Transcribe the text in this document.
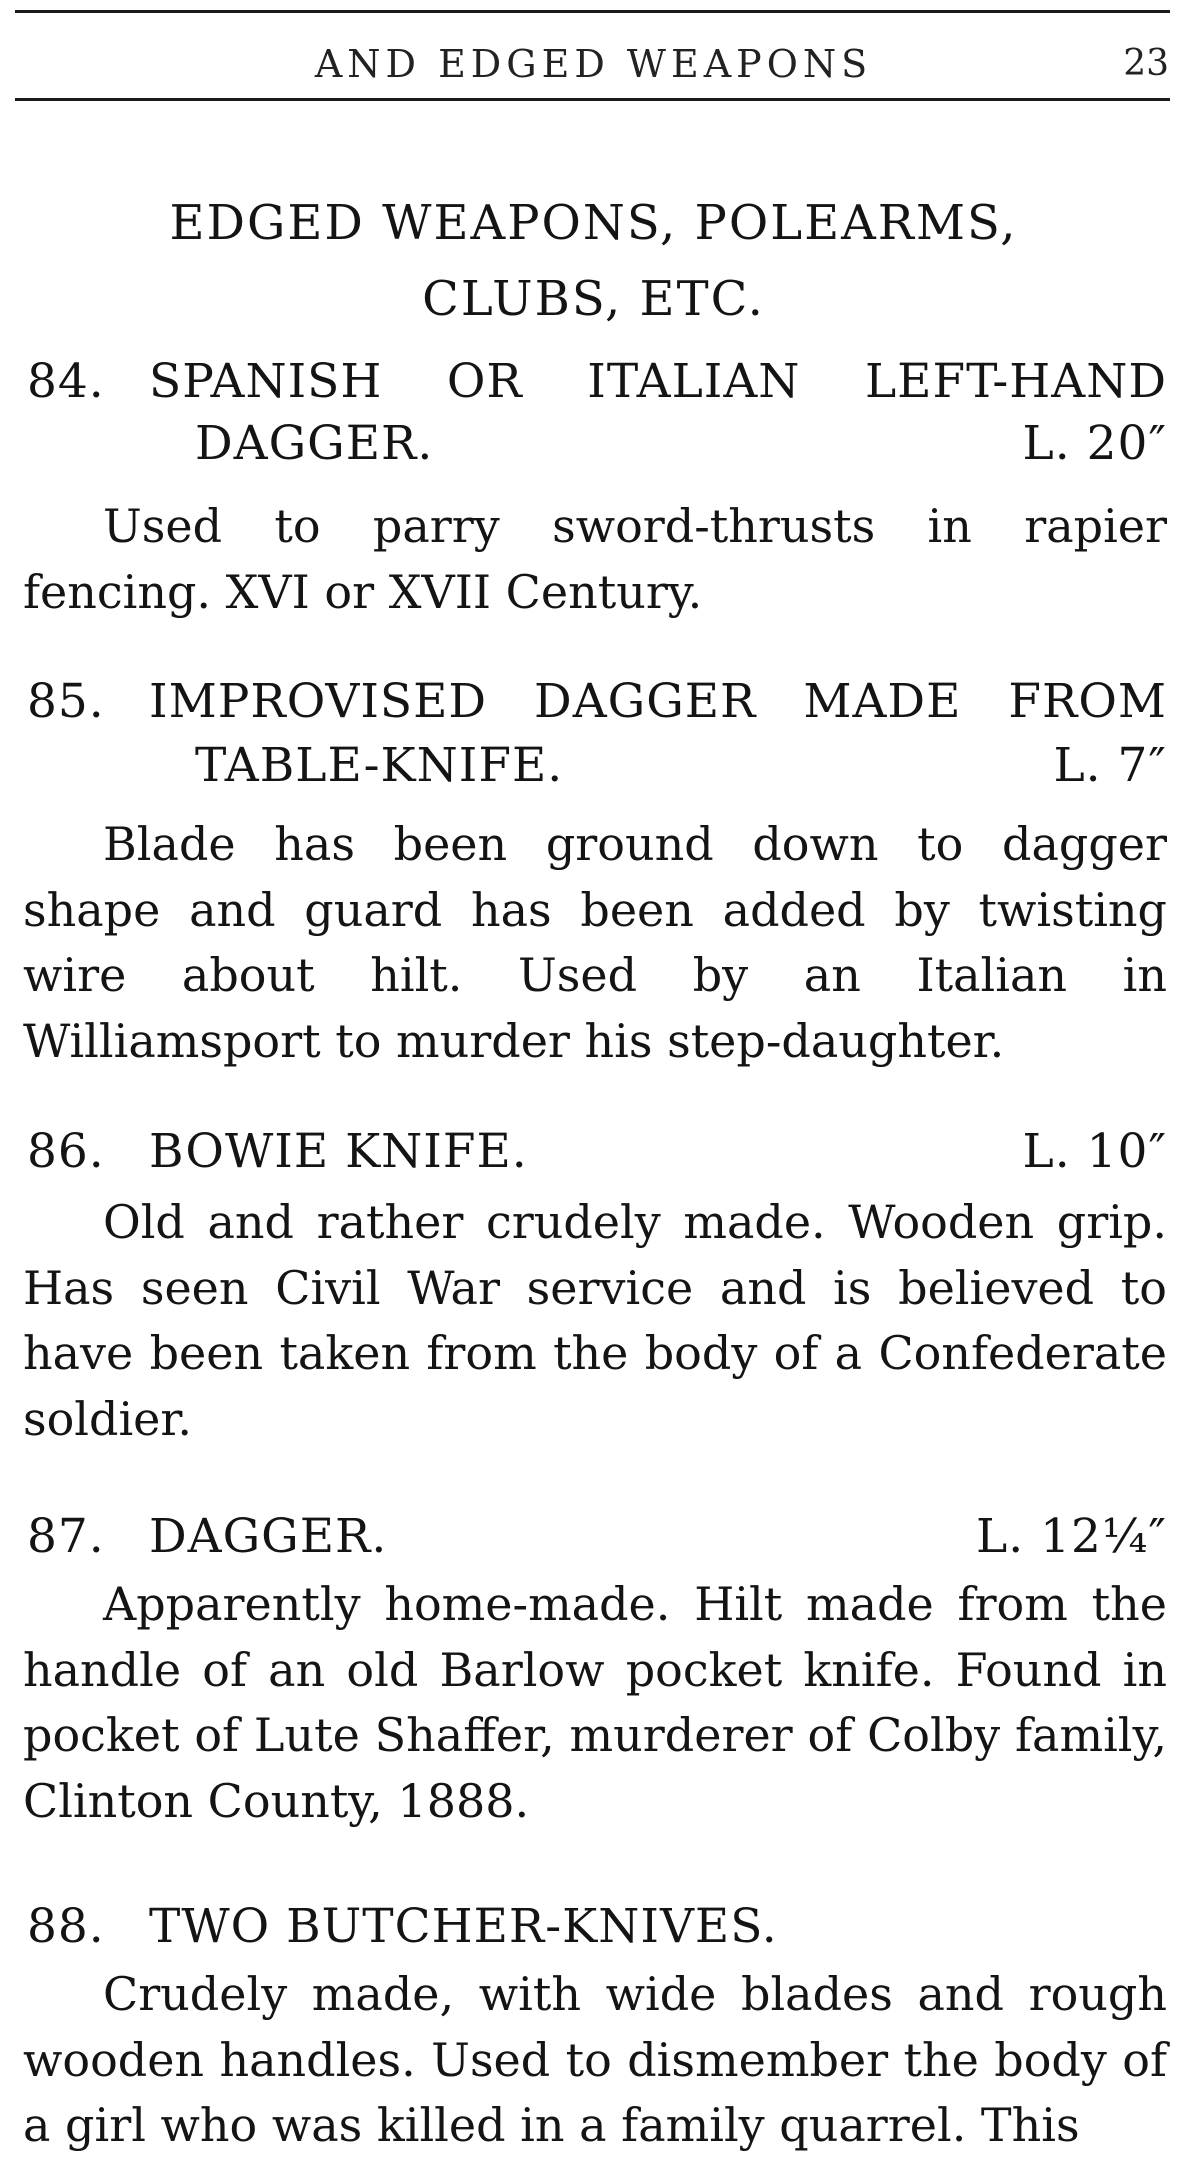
AND EDGED WEAPONS	23
EDGED WEAPONS, POLEARMS,
CLUBS, ETC.
84. SPANISH OR ITALIAN LEFT-HAND
DAGGER.	L. 20″
Used to parry sword-thrusts in rapier fencing. XVI or XVII Century.
85. IMPROVISED DAGGER MADE FROM
TABLE-KNIFE.	L. 7″
Blade has been ground down to dagger shape and guard has been added by twisting wire about hilt. Used by an Italian in Williamsport to murder his step-daughter.
86. BOWIE KNIFE.	L. 10″
Old and rather crudely made. Wooden grip. Has seen Civil War service and is believed to have been taken from the body of a Confederate soldier.
87. DAGGER.	L. 12¼″
Apparently home-made. Hilt made from the handle of an old Barlow pocket knife. Found in pocket of Lute Shaffer, murderer of Colby family, Clinton County, 1888.
88. TWO BUTCHER-KNIVES.
Crudely made, with wide blades and rough wooden handles. Used to dismember the body of a girl who was killed in a family quarrel. This
